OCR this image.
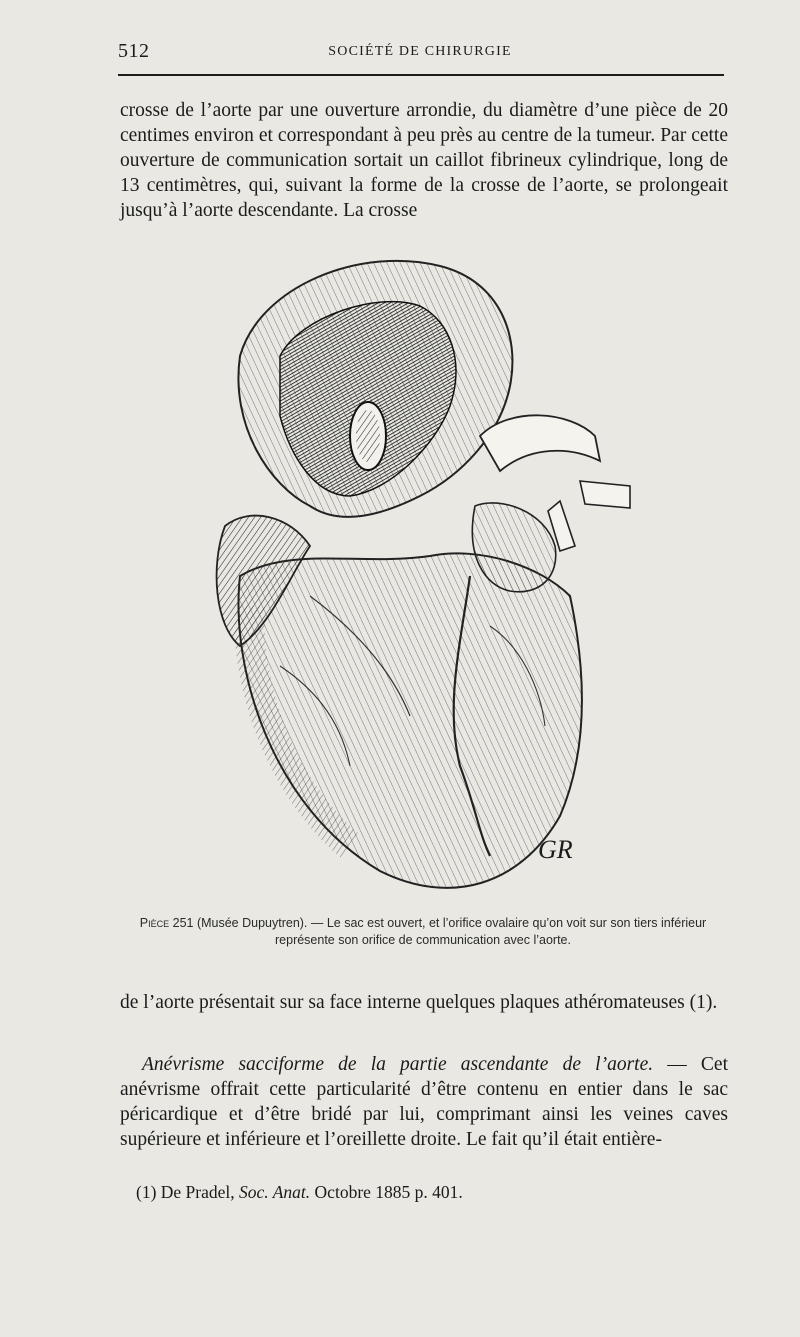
512	SOCIÉTÉ DE CHIRURGIE

crosse de l’aorte par une ouverture arrondie, du diamètre d’une pièce de 20 centimes environ et correspondant à peu près au centre de la tumeur. Par cette ouverture de communication sortait un caillot fibrineux cylindrique, long de 13 centimètres, qui, suivant la forme de la crosse de l’aorte, se prolongeait jusqu’à l’aorte descendante. La crosse

GR
Pièce 251 (Musée Dupuytren). — Le sac est ouvert, et l’orifice ovalaire qu’on voit sur son tiers inférieur représente son orifice de communication avec l’aorte.

de l’aorte présentait sur sa face interne quelques plaques athéromateuses (1).

Anévrisme sacciforme de la partie ascendante de l’aorte. — Cet anévrisme offrait cette particularité d’être contenu en entier dans le sac péricardique et d’être bridé par lui, comprimant ainsi les veines caves supérieure et inférieure et l’oreillette droite. Le fait qu’il était entière-

(1) De Pradel, Soc. Anat. Octobre 1885 p. 401.
